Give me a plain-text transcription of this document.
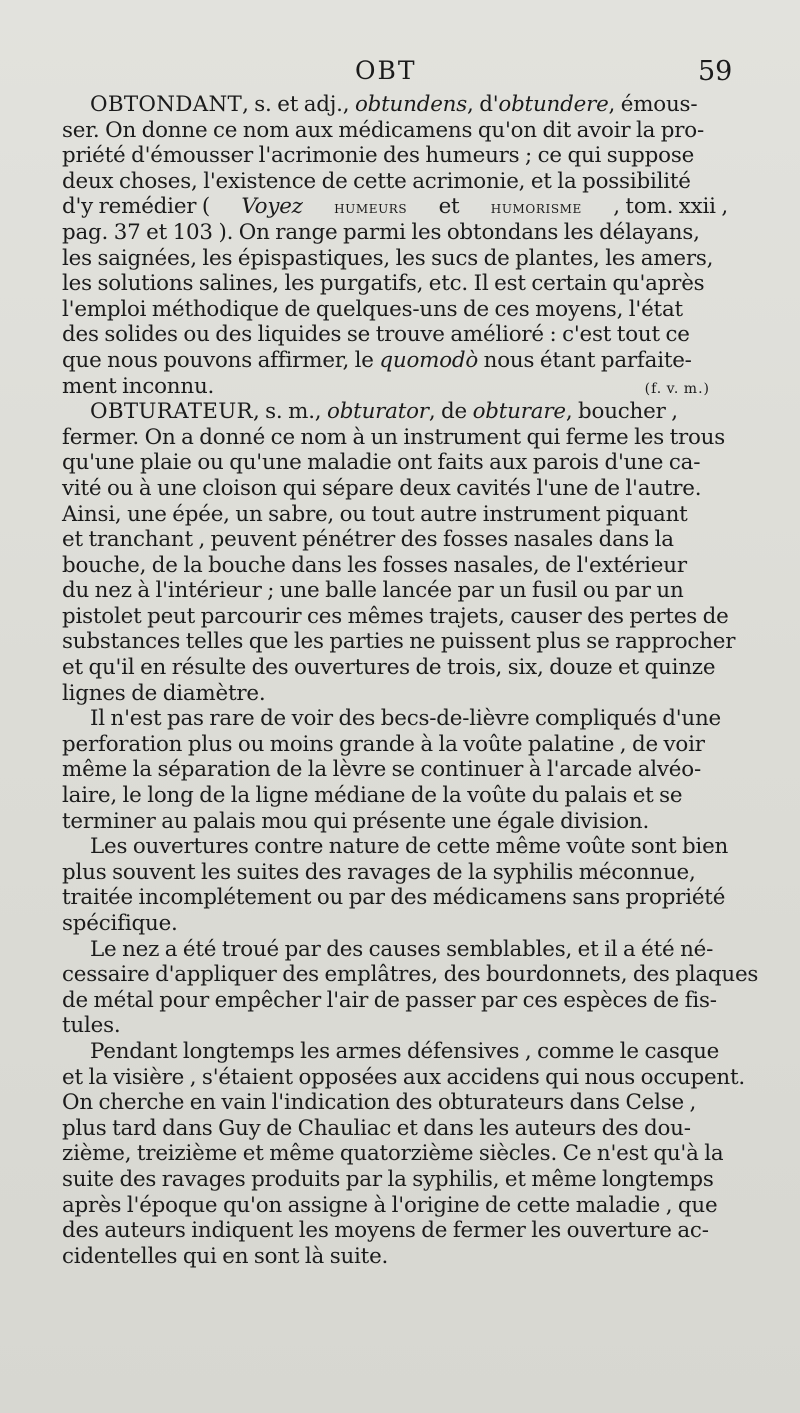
OBT	59
OBTONDANT , s. et adj. , obtundens , d' obtundere , émous-
ser. On donne ce nom aux médicamens qu'on dit avoir la pro-
priété d'émousser l'acrimonie des humeurs ; ce qui suppose
deux choses, l'existence de cette acrimonie, et la possibilité
d'y remédier ( Voyez humeurs et humorisme , tom. xxii ,
pag. 37 et 103 ). On range parmi les obtondans les délayans,
les saignées, les épispastiques, les sucs de plantes, les amers,
les solutions salines, les purgatifs, etc. Il est certain qu'après
l'emploi méthodique de quelques-uns de ces moyens, l'état
des solides ou des liquides se trouve amélioré : c'est tout ce
que nous pouvons affirmer, le quomodò nous étant parfaite-
ment inconnu.	(f. v. m.)
OBTURATEUR , s. m., obturator , de obturare , boucher ,
fermer. On a donné ce nom à un instrument qui ferme les trous
qu'une plaie ou qu'une maladie ont faits aux parois d'une ca-
vité ou à une cloison qui sépare deux cavités l'une de l'autre.
Ainsi, une épée, un sabre, ou tout autre instrument piquant
et tranchant , peuvent pénétrer des fosses nasales dans la
bouche, de la bouche dans les fosses nasales, de l'extérieur
du nez à l'intérieur ; une balle lancée par un fusil ou par un
pistolet peut parcourir ces mêmes trajets, causer des pertes de
substances telles que les parties ne puissent plus se rapprocher
et qu'il en résulte des ouvertures de trois, six, douze et quinze
lignes de diamètre.
Il n'est pas rare de voir des becs-de-lièvre compliqués d'une
perforation plus ou moins grande à la voûte palatine , de voir
même la séparation de la lèvre se continuer à l'arcade alvéo-
laire, le long de la ligne médiane de la voûte du palais et se
terminer au palais mou qui présente une égale division.
Les ouvertures contre nature de cette même voûte sont bien
plus souvent les suites des ravages de la syphilis méconnue,
traitée incomplétement ou par des médicamens sans propriété
spécifique.
Le nez a été troué par des causes semblables, et il a été né-
cessaire d'appliquer des emplâtres, des bourdonnets, des plaques
de métal pour empêcher l'air de passer par ces espèces de fis-
tules.
Pendant longtemps les armes défensives , comme le casque
et la visière , s'étaient opposées aux accidens qui nous occupent.
On cherche en vain l'indication des obturateurs dans Celse ,
plus tard dans Guy de Chauliac et dans les auteurs des dou-
zième, treizième et même quatorzième siècles. Ce n'est qu'à la
suite des ravages produits par la syphilis, et même longtemps
après l'époque qu'on assigne à l'origine de cette maladie , que
des auteurs indiquent les moyens de fermer les ouverture ac-
cidentelles qui en sont là suite.
